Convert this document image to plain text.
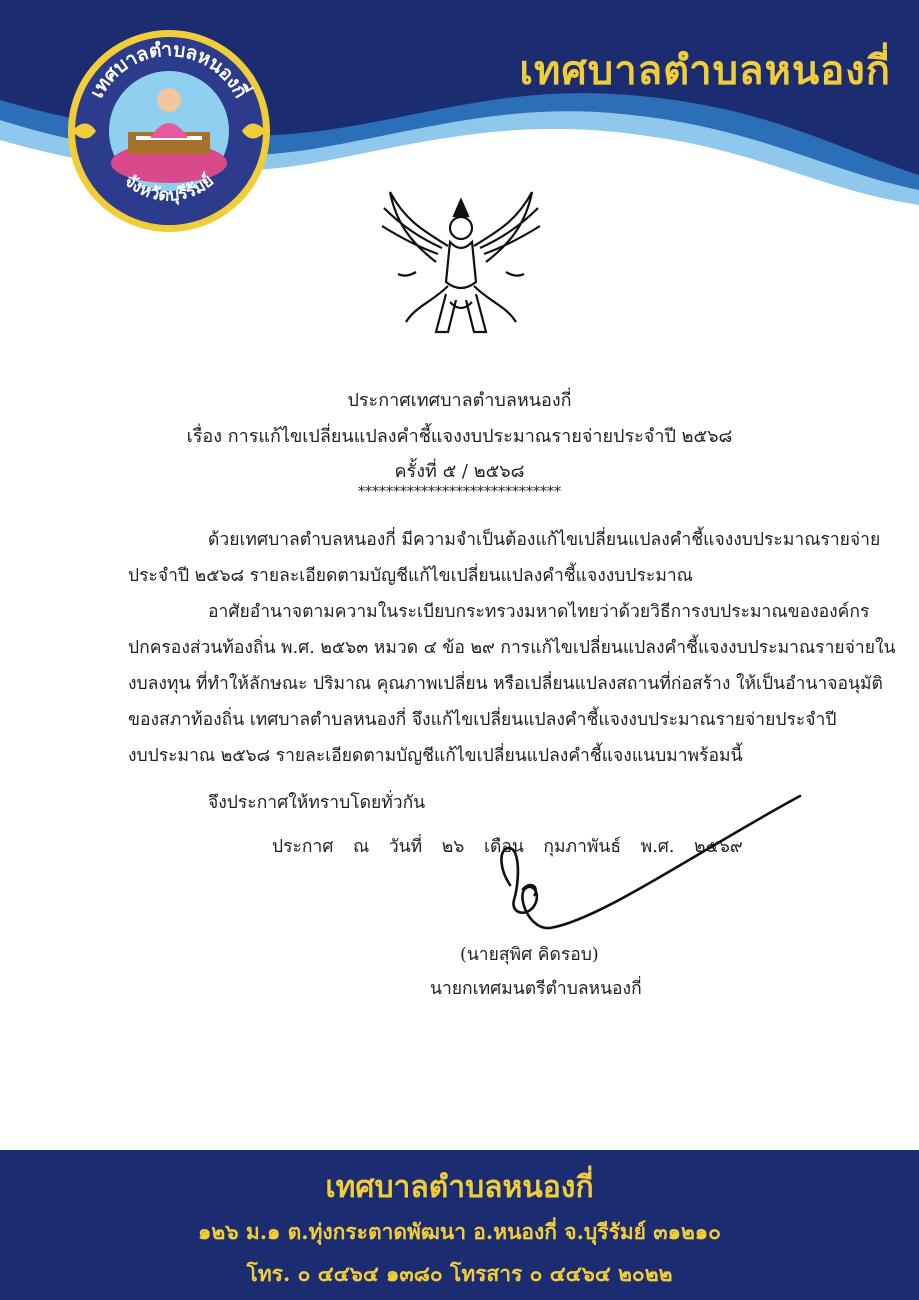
เทศบาลตำบลหนองกี่
เทศบาลตำบลหนองกี่
จังหวัดบุรีรัมย์
ประกาศเทศบาลตำบลหนองกี่
เรื่อง การแก้ไขเปลี่ยนแปลงคำชี้แจงงบประมาณรายจ่ายประจำปี ๒๕๖๘
ครั้งที่ ๕ / ๒๕๖๘
*****************************
ด้วยเทศบาลตำบลหนองกี่ มีความจำเป็นต้องแก้ไขเปลี่ยนแปลงคำชี้แจงงบประมาณรายจ่าย
ประจำปี ๒๕๖๘ รายละเอียดตามบัญชีแก้ไขเปลี่ยนแปลงคำชี้แจงงบประมาณ
อาศัยอำนาจตามความในระเบียบกระทรวงมหาดไทยว่าด้วยวิธีการงบประมาณขององค์กร
ปกครองส่วนท้องถิ่น พ.ศ. ๒๕๖๓ หมวด ๔ ข้อ ๒๙ การแก้ไขเปลี่ยนแปลงคำชี้แจงงบประมาณรายจ่ายใน
งบลงทุน ที่ทำให้ลักษณะ ปริมาณ คุณภาพเปลี่ยน หรือเปลี่ยนแปลงสถานที่ก่อสร้าง ให้เป็นอำนาจอนุมัติ
ของสภาท้องถิ่น เทศบาลตำบลหนองกี่ จึงแก้ไขเปลี่ยนแปลงคำชี้แจงงบประมาณรายจ่ายประจำปี
งบประมาณ ๒๕๖๘ รายละเอียดตามบัญชีแก้ไขเปลี่ยนแปลงคำชี้แจงแนบมาพร้อมนี้
จึงประกาศให้ทราบโดยทั่วกัน
ประกาศ ณ วันที่ ๒๖ เดือน กุมภาพันธ์ พ.ศ. ๒๕๖๙
(นายสุพิศ คิดรอบ)
นายกเทศมนตรีตำบลหนองกี่
เทศบาลตำบลหนองกี่
๑๒๖ ม.๑ ต.ทุ่งกระตาดพัฒนา อ.หนองกี่ จ.บุรีรัมย์ ๓๑๒๑๐
โทร. ๐ ๔๔๖๔ ๑๓๘๐ โทรสาร ๐ ๔๔๖๔ ๒๐๒๒
